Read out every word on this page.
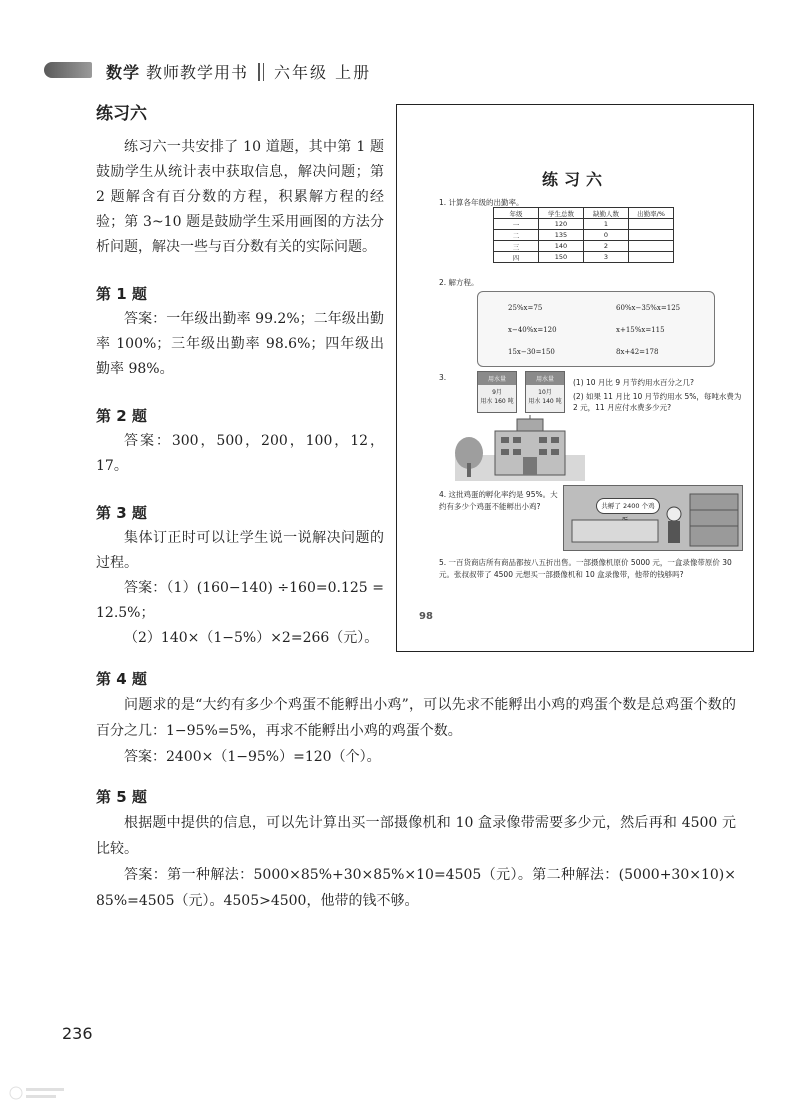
数学 教师教学用书 六年级 上册

练习六

练习六一共安排了 10 道题，其中第 1 题鼓励学生从统计表中获取信息，解决问题；第 2 题解含有百分数的方程，积累解方程的经验；第 3~10 题是鼓励学生采用画图的方法分析问题，解决一些与百分数有关的实际问题。

第 1 题

答案：一年级出勤率 99.2%；二年级出勤率 100%；三年级出勤率 98.6%；四年级出勤率 98%。

第 2 题

答案：300，500，200，100，12，17。

第 3 题

集体订正时可以让学生说一说解决问题的过程。

答案：（1）(160−140) ÷160=0.125 = 12.5%；

（2）140×（1−5%）×2=266（元）。

练习六
1. 计算各年级的出勤率。
年级	学生总数	缺勤人数	出勤率/%
一	120	1	
二	135	0	
三	140	2	
四	150	3	
2. 解方程。
25%x=75	60%x−35%x=125
x−40%x=120	x+15%x=115
15x−30=150	8x+42=178
3.	用水量
9月
用水 160 吨
用水量
10月
用水 140 吨
(1) 10 月比 9 月节约用水百分之几?
(2) 如果 11 月比 10 月节约用水 5%，每吨水费为 2 元，11 月应付水费多少元?
4. 这批鸡蛋的孵化率约是 95%。大约有多少个鸡蛋不能孵出小鸡?	共孵了 2400 个鸡
5. 一百货商店所有商品都按八五折出售。一部摄像机原价 5000 元，一盒录像带原价 30 元。张叔叔带了 4500 元想买一部摄像机和 10 盒录像带，他带的钱够吗?
98

第 4 题

问题求的是“大约有多少个鸡蛋不能孵出小鸡”，可以先求不能孵出小鸡的鸡蛋个数是总鸡蛋个数的百分之几：1−95%=5%，再求不能孵出小鸡的鸡蛋个数。

答案：2400×（1−95%）=120（个）。

第 5 题

根据题中提供的信息，可以先计算出买一部摄像机和 10 盒录像带需要多少元，然后再和 4500 元比较。

答案：第一种解法：5000×85%+30×85%×10=4505（元）。第二种解法：(5000+30×10)× 85%=4505（元）。4505>4500，他带的钱不够。

236
